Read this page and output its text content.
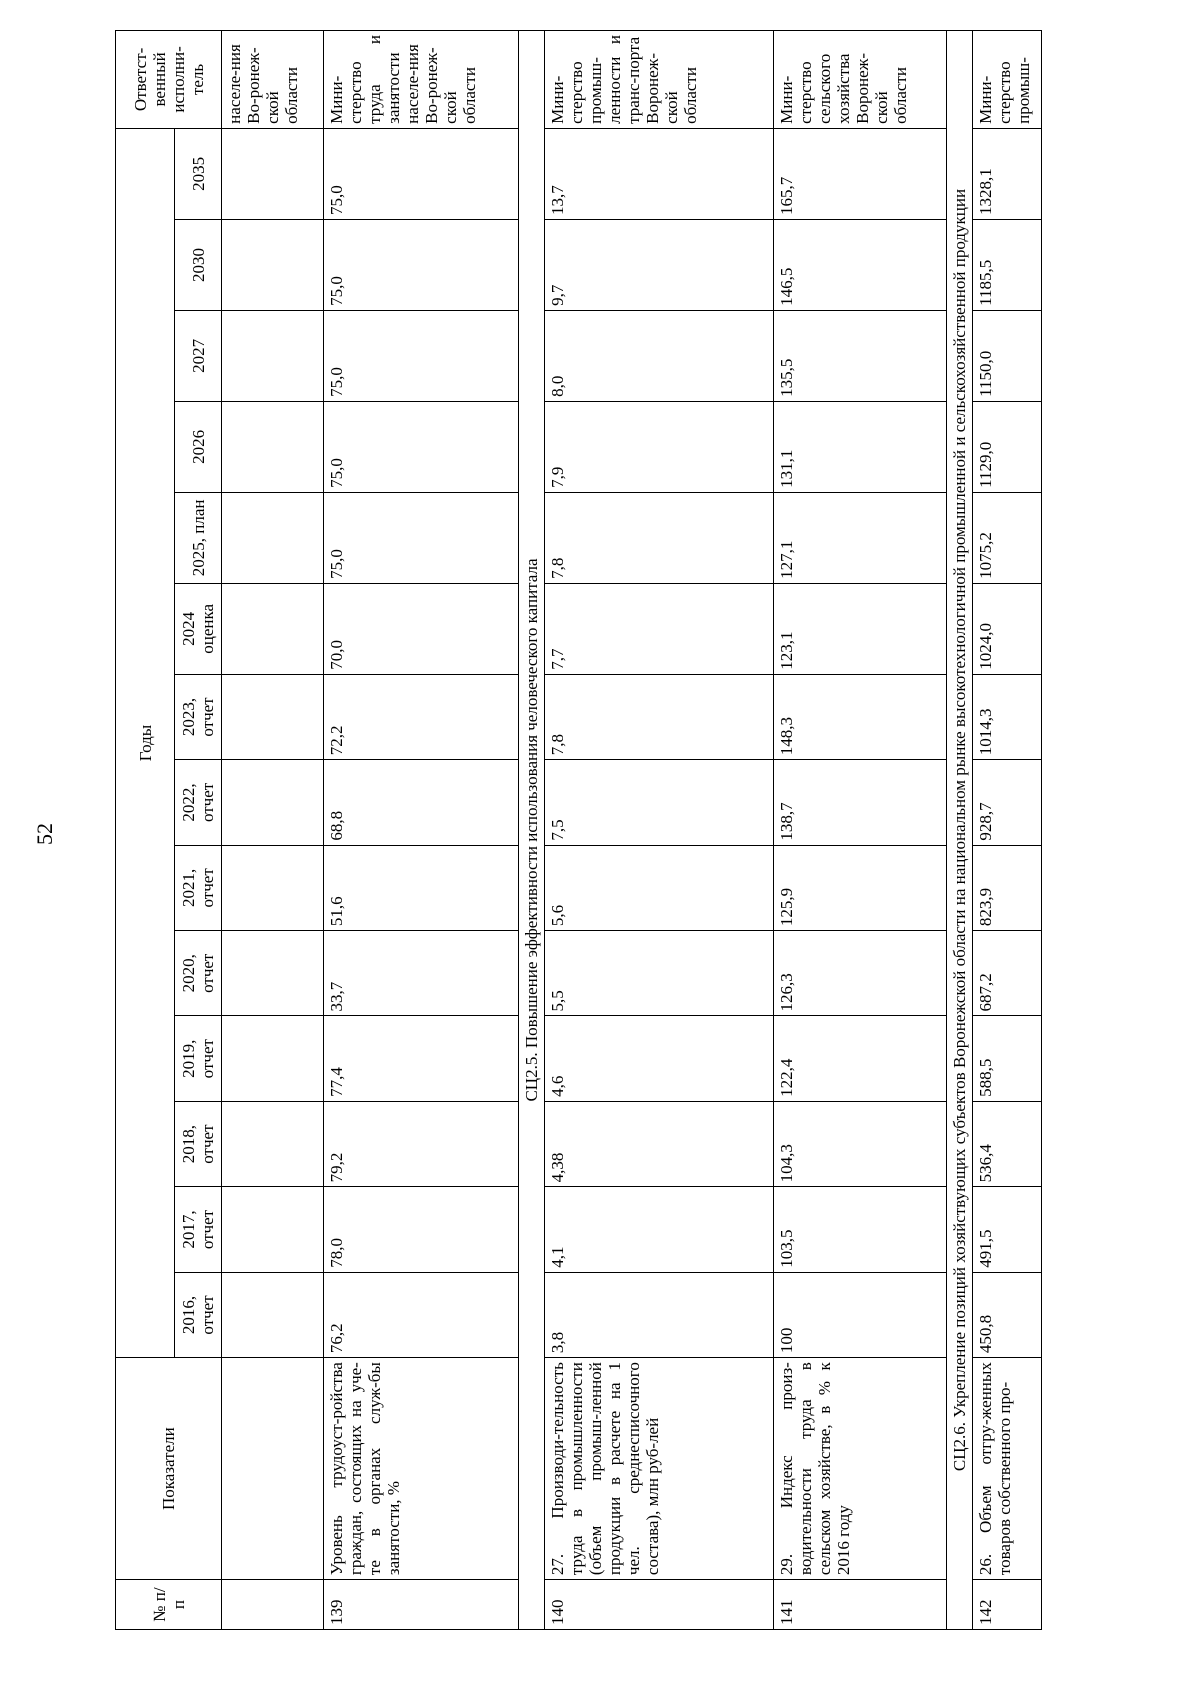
52
№ п/п	Показатели	Годы														Ответст-венный исполни-тель
		2016, отчет	2017, отчет	2018, отчет	2019, отчет	2020, отчет	2021, отчет	2022, отчет	2023, отчет	2024 оценка	2025, план	2026	2027	2030	2035	
																населе-ния Во-ронеж-ской области
139	Уровень трудоуст-ройства граждан, состоящих на уче-те в органах служ-бы занятости, %	76,2	78,0	79,2	77,4	33,7	51,6	68,8	72,2	70,0	75,0	75,0	75,0	75,0	75,0	Мини-стерство труда и занятости населе-ния Во-ронеж-ской области
СЦ2.5. Повышение эффективности использования человеческого капитала																
140	27. Производи-тельность труда в промышленности (объем промыш-ленной продукции в расчете на 1 чел. среднесписочного состава), млн руб-лей	3,8	4,1	4,38	4,6	5,5	5,6	7,5	7,8	7,7	7,8	7,9	8,0	9,7	13,7	Мини-стерство промыш-ленности и транс-порта Воронеж-ской области
141	29. Индекс произ-водительности труда в сельском хозяйстве, в % к 2016 году	100	103,5	104,3	122,4	126,3	125,9	138,7	148,3	123,1	127,1	131,1	135,5	146,5	165,7	Мини-стерство сельского хозяйства Воронеж-ской области
СЦ2.6. Укрепление позиций хозяйствующих субъектов Воронежской области на национальном рынке высокотехнологичной промышленной и сельскохозяйственной продукции																
142	26. Объем отгру-женных товаров собственного про-	450,8	491,5	536,4	588,5	687,2	823,9	928,7	1014,3	1024,0	1075,2	1129,0	1150,0	1185,5	1328,1	Мини-стерство промыш-
